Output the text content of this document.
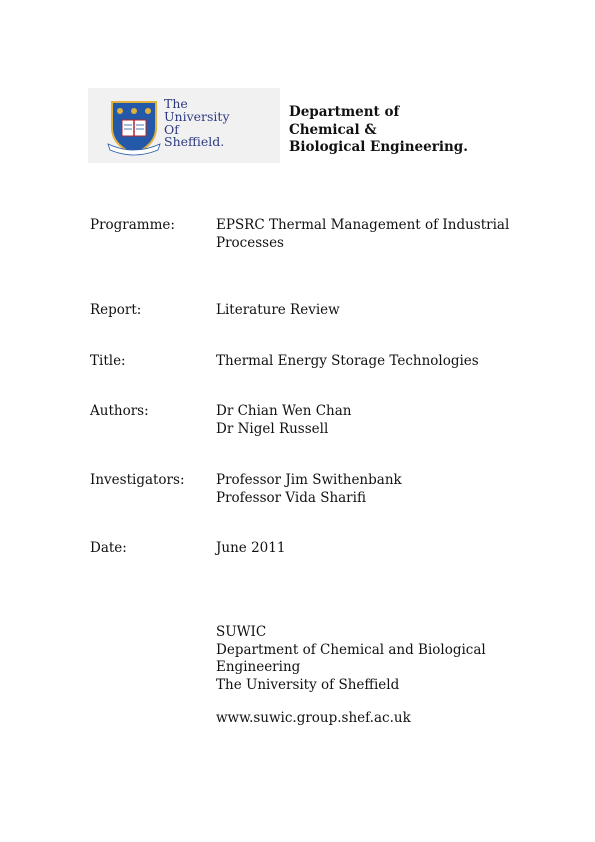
The
University
Of
Sheffield.
Department of
Chemical &
Biological Engineering.
Programme:	EPSRC Thermal Management of Industrial
Processes
Report:	Literature Review
Title:	Thermal Energy Storage Technologies
Authors:	Dr Chian Wen Chan
Dr Nigel Russell
Investigators: Professor Jim Swithenbank
Professor Vida Sharifi
Date:	June 2011
SUWIC
Department of Chemical and Biological
Engineering
The University of Sheffield
www.suwic.group.shef.ac.uk
